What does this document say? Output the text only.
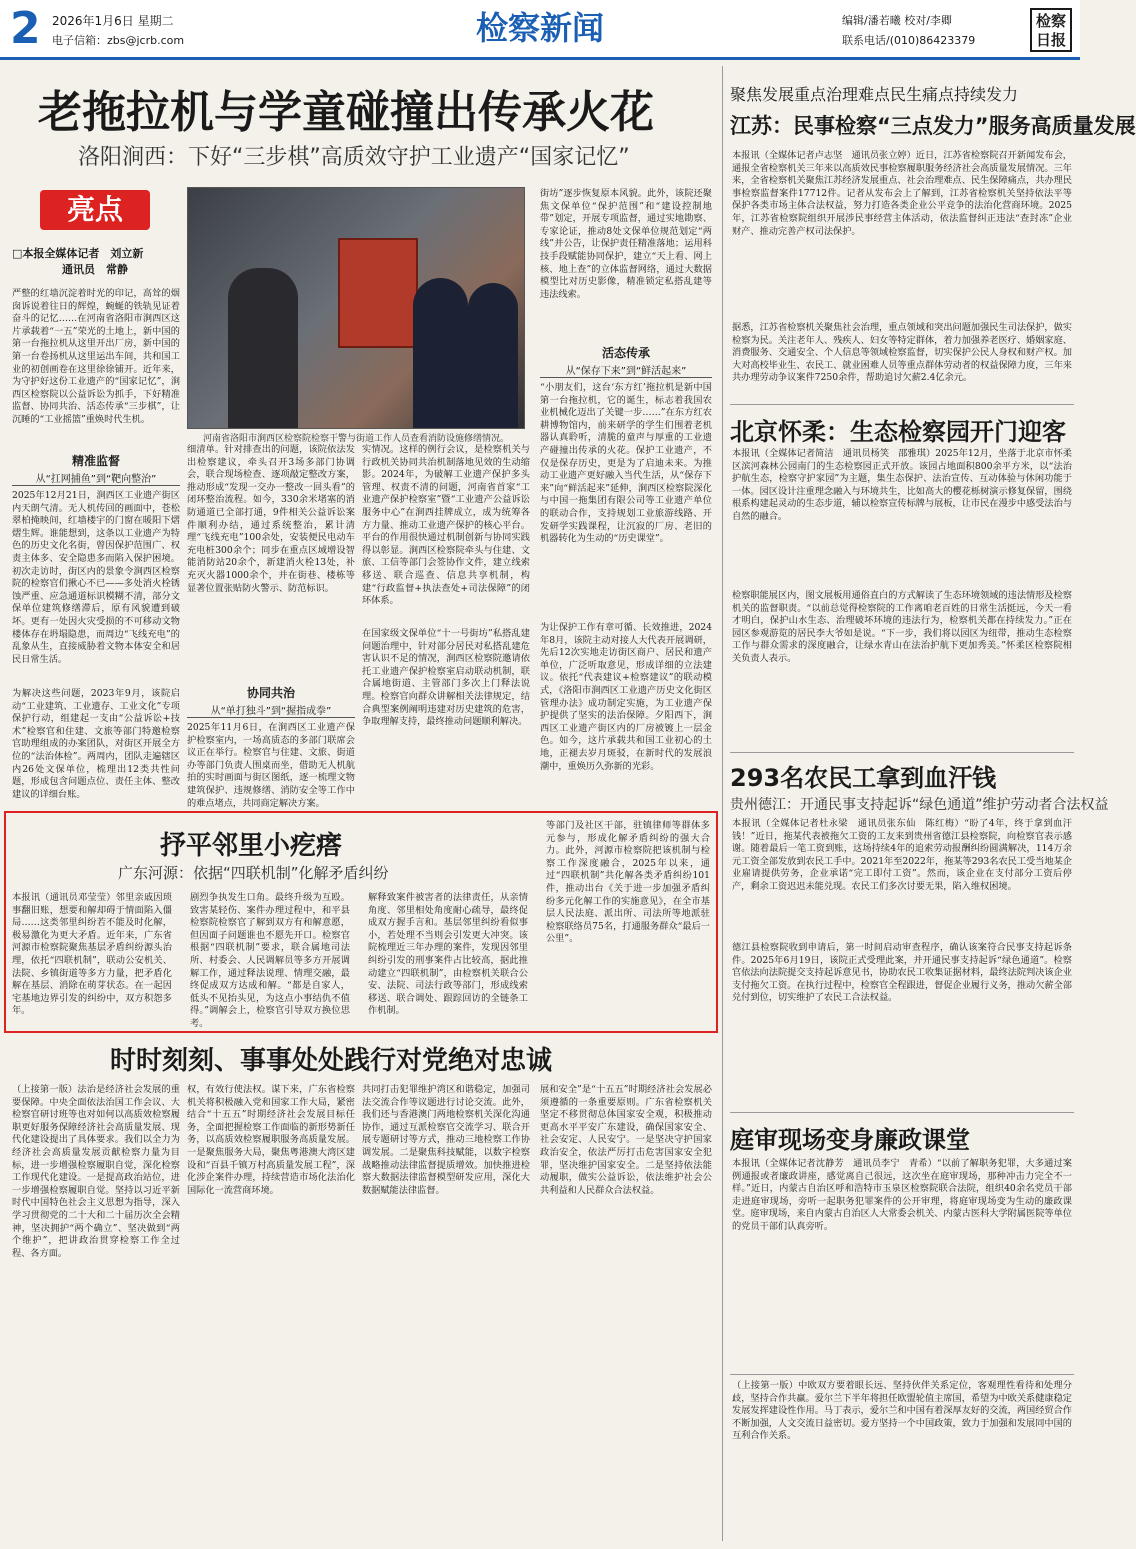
2 2026年1月6日 星期二
电子信箱：zbs@jcrb.com	检察新闻	编辑/潘若曦 校对/李卿
联系电话/(010)86423379
检察日报
老拖拉机与学童碰撞出传承火花
洛阳涧西：下好“三步棋”高质效守护工业遗产“国家记忆”
亮点
□本报全媒体记者　刘立新
通讯员　常静
河南省洛阳市涧西区检察院检察干警与街道工作人员查看消防设施修缮情况。
严整的红墙沉淀着时光的印记，高耸的烟囱诉说着往日的辉煌，蜿蜒的铁轨见证着奋斗的记忆……在河南省洛阳市涧西区这片承载着“一五”荣光的土地上，新中国的第一台拖拉机从这里开出厂房，新中国的第一台卷扬机从这里运出车间，共和国工业的初创画卷在这里徐徐铺开。近年来，为守护好这份工业遗产的“国家记忆”，涧西区检察院以公益诉讼为抓手，下好精准监督、协同共治、活态传承“三步棋”，让沉睡的“工业摇篮”重焕时代生机。
精准监督
从“扛网捕鱼”到“靶向整治”
2025年12月21日，涧西区工业遗产街区内天朗气清。无人机传回的画面中，苍松翠柏掩映间，红墙楼宇的门窗在暖阳下熠熠生辉。谁能想到，这条以工业遗产为特色的历史文化名街，曾因保护范围广、权责主体多、安全隐患多而陷入保护困境。初次走访时，街区内的景象令涧西区检察院的检察官们揪心不已——多处消火栓锈蚀严重、应急通道标识模糊不清，部分文保单位建筑修缮滞后，原有风貌遭到破坏。更有一处因火灾受损的不可移动文物楼体存在坍塌隐患，而周边“飞线充电”的乱象从生，直接威胁着文物本体安全和居民日常生活。
为解决这些问题，2023年9月，该院启动“工业建筑、工业遗存、工业文化”专项保护行动，组建起一支由“公益诉讼+技术”检察官和住建、文旅等部门特邀检察官助理组成的办案团队，对街区开展全方位的“法治体检”。两周内，团队走遍辖区内26处文保单位，梳理出12类共性问题，形成包含问题点位、责任主体、整改建议的详细台账。
细清单。针对排查出的问题，该院依法发出检察建议，牵头召开3场多部门协调会，联合现场检查、逐项敲定整改方案，推动形成“发现一交办一整改一回头看”的闭环整治流程。如今，330余米堵塞的消防通道已全部打通，9件相关公益诉讼案件顺利办结，通过系统整治，累计清理“飞线充电”100余处，安装便民电动车充电桩300余个；同步在重点区域增设智能消防站20余个，新建消火栓13处，补充灭火器1000余个，并在街巷、楼栋等显著位置张贴防火警示、防范标识。
协同共治
从“单打独斗”到“握指成拳”
2025年11月6日，在涧西区工业遗产保护检察室内，一场高质态的多部门联席会议正在举行。检察官与住建、文旅、街道办等部门负责人围桌而坐，借助无人机航拍的实时画面与街区图纸，逐一梳理文物建筑保护、违规修缮、消防安全等工作中的难点堵点，共同商定解决方案。
实情况。这样的例行会议，是检察机关与行政机关协同共治机制落地见效的生动缩影。2024年，为破解工业遗产保护多头管理、权责不清的问题，河南省首家“工业遗产保护检察室”暨“工业遗产公益诉讼服务中心”在涧西挂牌成立，成为统筹各方力量、推动工业遗产保护的核心平台。平台的作用很快通过机制创新与协同实践得以彰显。涧西区检察院牵头与住建、文旅、工信等部门会签协作文件，建立线索移送、联合巡查、信息共享机制，构建“行政监督+执法查处+司法保障”的闭环体系。
在国家级文保单位“十一号街坊”私搭乱建问题治理中，针对部分居民对私搭乱建危害认识不足的情况，涧西区检察院邀请依托工业遗产保护检察室启动联动机制，联合属地街道、主管部门多次上门释法说理。检察官向群众讲解相关法律规定，结合典型案例阐明违建对历史建筑的危害，争取理解支持，最终推动问题顺利解决。
街坊”逐步恢复原本风貌。此外，该院还聚焦文保单位“保护范围”和“建设控制地带”划定，开展专项监督，通过实地勘察、专家论证，推动8处文保单位规范划定“两线”并公告，让保护责任精准落地；运用科技手段赋能协同保护，建立“天上看、网上核、地上查”的立体监督网络，通过大数据模型比对历史影像，精准锁定私搭乱建等违法线索。
活态传承
从“保存下来”到“鲜活起来”
“小朋友们，这台‘东方红’拖拉机是新中国第一台拖拉机，它的诞生，标志着我国农业机械化迈出了关键一步……”在东方红农耕博物馆内，前来研学的学生们围着老机器认真聆听，清脆的童声与厚重的工业遗产碰撞出传承的火花。保护工业遗产，不仅是保存历史，更是为了启迪未来。为推动工业遗产更好融入当代生活，从“保存下来”向“鲜活起来”延伸，涧西区检察院深化与中国一拖集团有限公司等工业遗产单位的联动合作，支持规划工业旅游线路、开发研学实践课程，让沉寂的厂房、老旧的机器转化为生动的“历史课堂”。
为让保护工作有章可循、长效推进，2024年8月，该院主动对接人大代表开展调研，先后12次实地走访街区商户、居民和遗产单位，广泛听取意见，形成详细的立法建议。依托“代表建议+检察建议”的联动模式，《洛阳市涧西区工业遗产历史文化街区管理办法》成功制定实施，为工业遗产保护提供了坚实的法治保障。夕阳西下，涧西区工业遗产街区内的厂房被镀上一层金色。如今，这片承载共和国工业初心的土地，正褪去岁月斑驳，在新时代的发展浪潮中，重焕历久弥新的光彩。
抒平邻里小疙瘩
广东河源：依据“四联机制”化解矛盾纠纷
本报讯（通讯员邓莹莹）邻里亲戚因琐事翻旧账，想要和解却碍于情面陷入僵局……这类邻里纠纷若不能及时化解，极易激化为更大矛盾。近年来，广东省河源市检察院聚焦基层矛盾纠纷源头治理，依托“四联机制”，联动公安机关、法院、乡镇街道等多方力量，把矛盾化解在基层、消除在萌芽状态。在一起因宅基地边界引发的纠纷中，双方积怨多年。
剧烈争执发生口角。最终升级为互殴。致害某轻伤、案件办理过程中，和平县检察院检察官了解到双方有和解意愿，但因面子问题谁也不愿先开口。检察官根据“四联机制”要求，联合属地司法所、村委会、人民调解员等多方开展调解工作，通过释法说理、情理交融，最终促成双方达成和解。“都是自家人，低头不见抬头见，为这点小事结仇不值得。”调解会上，检察官引导双方换位思考。
解释致案件被害者的法律责任，从亲情角度、邻里相处角度耐心疏导，最终促成双方握手言和。基层邻里纠纷看似事小，若处理不当则会引发更大冲突。该院梳理近三年办理的案件，发现因邻里纠纷引发的刑事案件占比较高，据此推动建立“四联机制”，由检察机关联合公安、法院、司法行政等部门，形成线索移送、联合调处、跟踪回访的全链条工作机制。
等部门及社区干部，驻镇律师等群体多元参与，形成化解矛盾纠纷的强大合力。此外，河源市检察院把该机制与检察工作深度融合，2025年以来，通过“四联机制”共化解各类矛盾纠纷101件，推动出台《关于进一步加强矛盾纠纷多元化解工作的实施意见》，在全市基层人民法庭、派出所、司法所等地派驻检察联络员75名，打通服务群众“最后一公里”。
时时刻刻、事事处处践行对党绝对忠诚
（上接第一版）法治是经济社会发展的重要保障。中央全面依法治国工作会议、大检察官研讨班等也对如何以高质效检察履职更好服务保障经济社会高质量发展、现代化建设提出了具体要求。我们以全力为经济社会高质量发展贡献检察力量为目标，进一步增强检察履职自觉，深化检察工作现代化建设。一是提高政治站位，进一步增强检察履职自觉。坚持以习近平新时代中国特色社会主义思想为指导，深入学习贯彻党的二十大和二十届历次全会精神，坚决拥护“两个确立”、坚决做到“两个维护”，把讲政治贯穿检察工作全过程、各方面。
权，有效行使法权。谋下来，广东省检察机关将积极融入党和国家工作大局，紧密结合“十五五”时期经济社会发展目标任务，全面把握检察工作面临的新形势新任务，以高质效检察履职服务高质量发展。一是聚焦服务大局，聚焦粤港澳大湾区建设和“百县千镇万村高质量发展工程”，深化涉企案件办理，持续营造市场化法治化国际化一流营商环境。
共同打击犯罪维护湾区和谐稳定，加强司法交流合作等议题进行讨论交流。此外，我们还与香港澳门两地检察机关深化沟通协作，通过互派检察官交流学习、联合开展专题研讨等方式，推动三地检察工作协调发展。二是聚焦科技赋能，以数字检察战略推动法律监督提质增效。加快推进检察大数据法律监督模型研发应用，深化大数据赋能法律监督。
展和安全”是“十五五”时期经济社会发展必须遵循的一条重要原则。广东省检察机关坚定不移贯彻总体国家安全观，积极推动更高水平平安广东建设，确保国家安全、社会安定、人民安宁。一是坚决守护国家政治安全，依法严厉打击危害国家安全犯罪，坚决维护国家安全。二是坚持依法能动履职，做实公益诉讼，依法维护社会公共利益和人民群众合法权益。
聚焦发展重点治理难点民生痛点持续发力
江苏：民事检察“三点发力”服务高质量发展
本报讯（全媒体记者卢志坚　通讯员张立婷）近日，江苏省检察院召开新闻发布会，通报全省检察机关三年来以高质效民事检察履职服务经济社会高质量发展情况。三年来，全省检察机关聚焦江苏经济发展重点、社会治理难点、民生保障痛点，共办理民事检察监督案件17712件。记者从发布会上了解到，江苏省检察机关坚持依法平等保护各类市场主体合法权益，努力打造各类企业公平竞争的法治化营商环境。2025年，江苏省检察院组织开展涉民事经营主体活动，依法监督纠正违法“查封冻”企业财产、推动完善产权司法保护。
据悉，江苏省检察机关聚焦社会治理，重点领域和突出问题加强民生司法保护，做实检察为民。关注老年人、残疾人、妇女等特定群体，着力加强养老医疗、婚姻家庭、消费服务、交通安全、个人信息等领域检察监督，切实保护公民人身权和财产权。加大对高校毕业生、农民工、就业困难人员等重点群体劳动者的权益保障力度，三年来共办理劳动争议案件7250余件，帮助追讨欠薪2.4亿余元。
北京怀柔：生态检察园开门迎客
本报讯（全媒体记者简洁　通讯员杨笑　邵雅琪）2025年12月，坐落于北京市怀柔区滨河森林公园南门的生态检察园正式开放。该园占地面积800余平方米，以“法治护航生态，检察守护家园”为主题，集生态保护、法治宣传、互动体验与休闲功能于一体。园区设计注重理念融入与环境共生，比如高大的樱花栎树演示修复保留，围绕根系构建起灵动的生态步道，辅以检察宣传标牌与展板，让市民在漫步中感受法治与自然的融合。
检察职能展区内，图文展板用通俗直白的方式解读了生态环境领域的违法情形及检察机关的监督职责。“以前总觉得检察院的工作离咱老百姓的日常生活挺远，今天一看才明白，保护山水生态、治理破坏环境的违法行为，检察机关都在持续发力。”正在园区参观游览的居民李大爷如是说。“下一步，我们将以园区为纽带，推动生态检察工作与群众需求的深度融合，让绿水青山在法治护航下更加秀美。”怀柔区检察院相关负责人表示。
293名农民工拿到血汗钱
贵州德江：开通民事支持起诉“绿色通道”维护劳动者合法权益
本报讯（全媒体记者杜永梁　通讯员张东仙　陈红梅）“盼了4年，终于拿到血汗钱！”近日，拖某代表被拖欠工资的工友来到贵州省德江县检察院，向检察官表示感谢。随着最后一笔工资到账，这场持续4年的追索劳动报酬纠纷圆满解决，114万余元工资全部发放到农民工手中。2021年至2022年，拖某等293名农民工受当地某企业雇请提供劳务，企业承诺“完工即付工资”。然而，该企业在支付部分工资后停产，剩余工资迟迟未能兑现。农民工们多次讨要无果，陷入维权困境。
德江县检察院收到申请后，第一时间启动审查程序，确认该案符合民事支持起诉条件。2025年6月19日，该院正式受理此案，并开通民事支持起诉“绿色通道”。检察官依法向法院提交支持起诉意见书，协助农民工收集证据材料，最终法院判决该企业支付拖欠工资。在执行过程中，检察官全程跟进，督促企业履行义务，推动欠薪全部兑付到位，切实维护了农民工合法权益。
庭审现场变身廉政课堂
本报讯（全媒体记者沈静芳　通讯员李宁　青希）“以前了解职务犯罪，大多通过案例通报或者廉政讲座，感觉离自己很远，这次坐在庭审现场，那种冲击力完全不一样。”近日，内蒙古自治区呼和浩特市玉泉区检察院联合法院，组织40余名党员干部走进庭审现场，旁听一起职务犯罪案件的公开审理，将庭审现场变为生动的廉政课堂。庭审现场，来自内蒙古自治区人大常委会机关、内蒙古医科大学附属医院等单位的党员干部们认真旁听。
（上接第一版）中欧双方要着眼长远、坚持伙伴关系定位，客观理性看待和处理分歧，坚持合作共赢。爱尔兰下半年将担任欧盟轮值主席国，希望为中欧关系健康稳定发展发挥建设性作用。马丁表示，爱尔兰和中国有着深厚友好的交流，两国经贸合作不断加强，人文交流日益密切。爱方坚持一个中国政策，致力于加强和发展同中国的互利合作关系。
